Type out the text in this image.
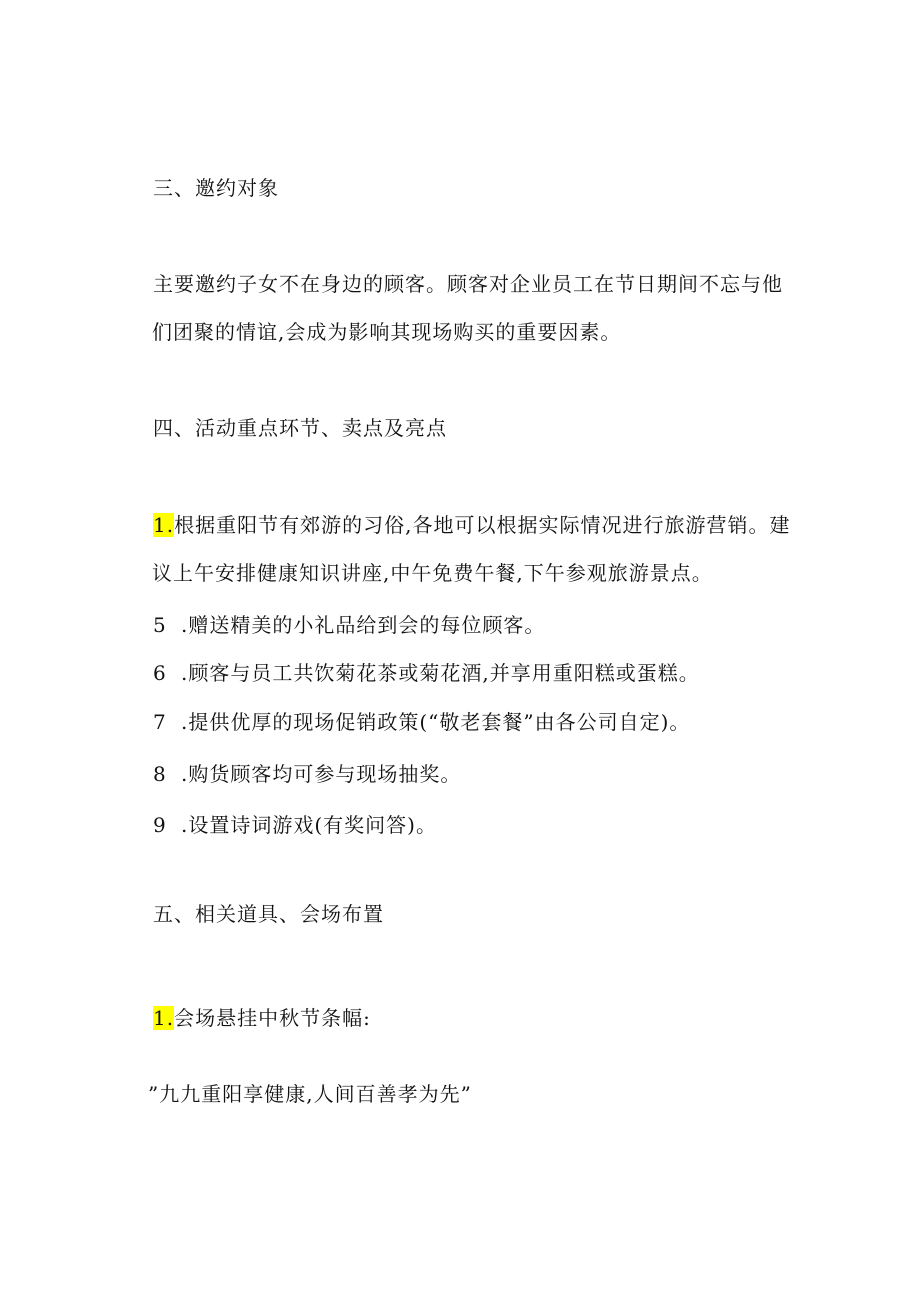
三、邀约对象
主要邀约子女不在身边的顾客。顾客对企业员工在节日期间不忘与他
们团聚的情谊,会成为影响其现场购买的重要因素。
四、活动重点环节、卖点及亮点
1.根据重阳节有郊游的习俗,各地可以根据实际情况进行旅游营销。建
议上午安排健康知识讲座,中午免费午餐,下午参观旅游景点。
5 .赠送精美的小礼品给到会的每位顾客。
6 .顾客与员工共饮菊花茶或菊花酒,并享用重阳糕或蛋糕。
7 .提供优厚的现场促销政策(“敬老套餐”由各公司自定)。
8 .购货顾客均可参与现场抽奖。
9 .设置诗词游戏(有奖问答)。
五、相关道具、会场布置
1.会场悬挂中秋节条幅:
”九九重阳享健康,人间百善孝为先”
